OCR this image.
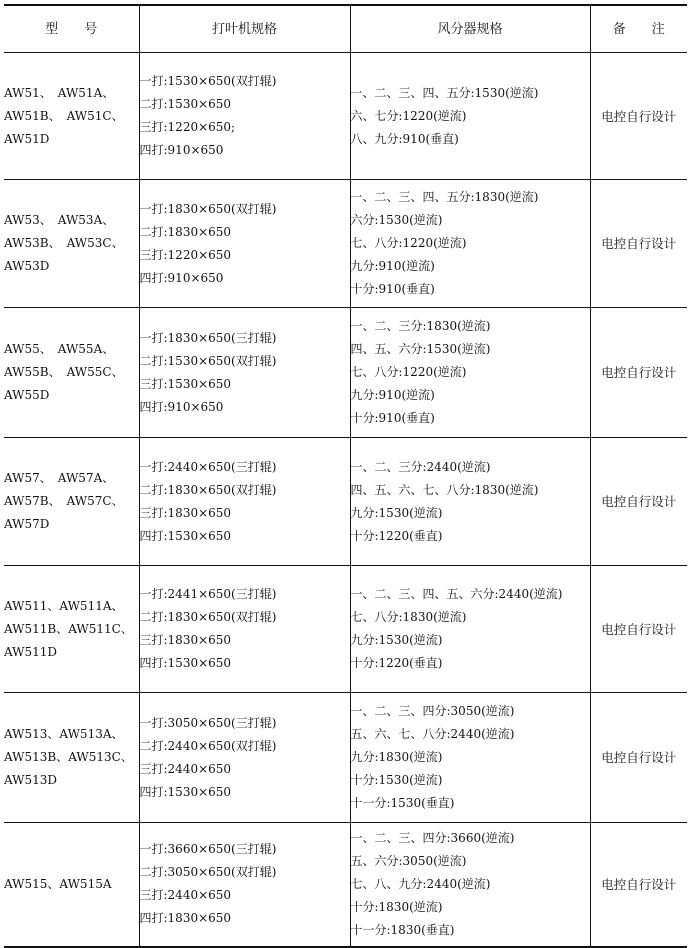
型　　号	打叶机规格	风分器规格	备　　注

AW51、　AW51A、
AW51B、　AW51C、
AW51D	一打:1530×650(双打辊)
二打:1530×650
三打:1220×650;
四打:910×650	一、二、三、四、五分:1530(逆流)
六、七分:1220(逆流)
八、九分:910(垂直)	电控自行设计

AW53、　AW53A、
AW53B、　AW53C、
AW53D	一打:1830×650(双打辊)
二打:1830×650
三打:1220×650
四打:910×650	一、二、三、四、五分:1830(逆流)
六分:1530(逆流)
七、八分:1220(逆流)
九分:910(逆流)
十分:910(垂直)	电控自行设计

AW55、　AW55A、
AW55B、　AW55C、
AW55D	一打:1830×650(三打辊)
二打:1530×650(双打辊)
三打:1530×650
四打:910×650	一、二、三分:1830(逆流)
四、五、六分:1530(逆流)
七、八分:1220(逆流)
九分:910(逆流)
十分:910(垂直)	电控自行设计

AW57、　AW57A、
AW57B、　AW57C、
AW57D	一打:2440×650(三打辊)
二打:1830×650(双打辊)
三打:1830×650
四打:1530×650	一、二、三分:2440(逆流)
四、五、六、七、八分:1830(逆流)
九分:1530(逆流)
十分:1220(垂直)	电控自行设计

AW511、AW511A、
AW511B、AW511C、
AW511D	一打:2441×650(三打辊)
二打:1830×650(双打辊)
三打:1830×650
四打:1530×650	一、二、三、四、五、六分:2440(逆流)
七、八分:1830(逆流)
九分:1530(逆流)
十分:1220(垂直)	电控自行设计

AW513、AW513A、
AW513B、AW513C、
AW513D	一打:3050×650(三打辊)
二打:2440×650(双打辊)
三打:2440×650
四打:1530×650	一、二、三、四分:3050(逆流)
五、六、七、八分:2440(逆流)
九分:1830(逆流)
十分:1530(逆流)
十一分:1530(垂直)	电控自行设计

AW515、AW515A	一打:3660×650(三打辊)
二打:3050×650(双打辊)
三打:2440×650
四打:1830×650	一、二、三、四分:3660(逆流)
五、六分:3050(逆流)
七、八、九分:2440(逆流)
十分:1830(逆流)
十一分:1830(垂直)	电控自行设计
